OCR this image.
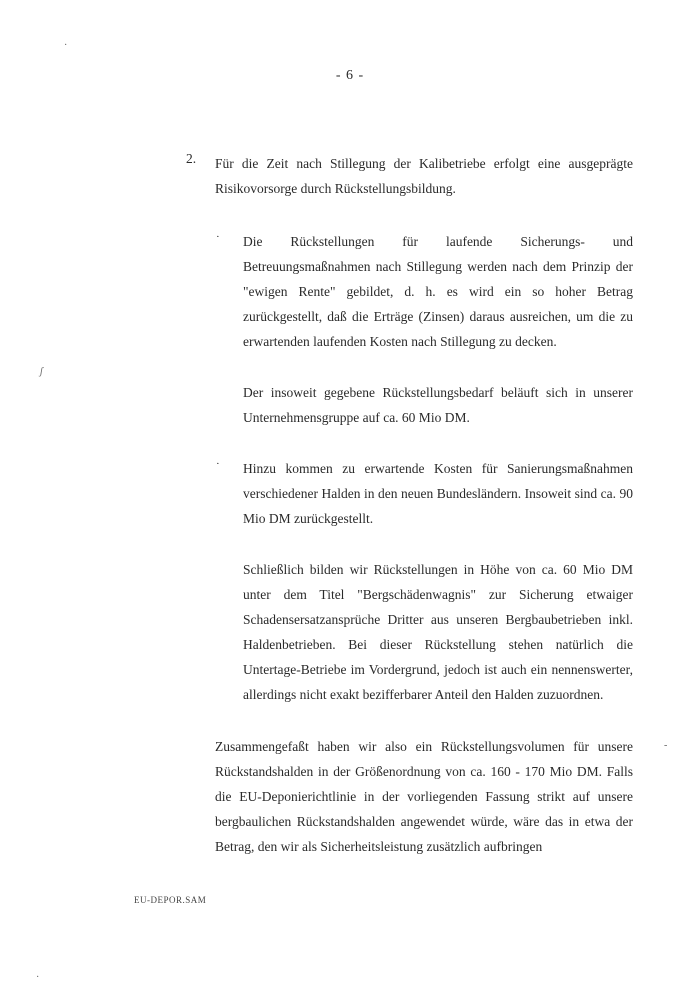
- 6 -
2. Für die Zeit nach Stillegung der Kalibetriebe erfolgt eine ausgeprägte Risikovorsorge durch Rückstellungsbildung.
· Die Rückstellungen für laufende Sicherungs- und Betreuungsmaßnahmen nach Stillegung werden nach dem Prinzip der "ewigen Rente" gebildet, d. h. es wird ein so hoher Betrag zurückgestellt, daß die Erträge (Zinsen) daraus ausreichen, um die zu erwartenden laufenden Kosten nach Stillegung zu decken.
Der insoweit gegebene Rückstellungsbedarf beläuft sich in unserer Unternehmensgruppe auf ca. 60 Mio DM.
· Hinzu kommen zu erwartende Kosten für Sanierungsmaßnahmen verschiedener Halden in den neuen Bundesländern. Insoweit sind ca. 90 Mio DM zurückgestellt.
Schließlich bilden wir Rückstellungen in Höhe von ca. 60 Mio DM unter dem Titel "Bergschädenwagnis" zur Sicherung etwaiger Schadensersatzansprüche Dritter aus unseren Bergbaubetrieben inkl. Haldenbetrieben. Bei dieser Rückstellung stehen natürlich die Untertage-Betriebe im Vordergrund, jedoch ist auch ein nennenswerter, allerdings nicht exakt bezifferbarer Anteil den Halden zuzuordnen.
Zusammengefaßt haben wir also ein Rückstellungsvolumen für unsere Rückstandshalden in der Größenordnung von ca. 160 - 170 Mio DM. Falls die EU-Deponierichtlinie in der vorliegenden Fassung strikt auf unsere bergbaulichen Rückstandshalden angewendet würde, wäre das in etwa der Betrag, den wir als Sicherheitsleistung zusätzlich aufbringen
EU-DEPOR.SAM
·
ʃ
-
·
